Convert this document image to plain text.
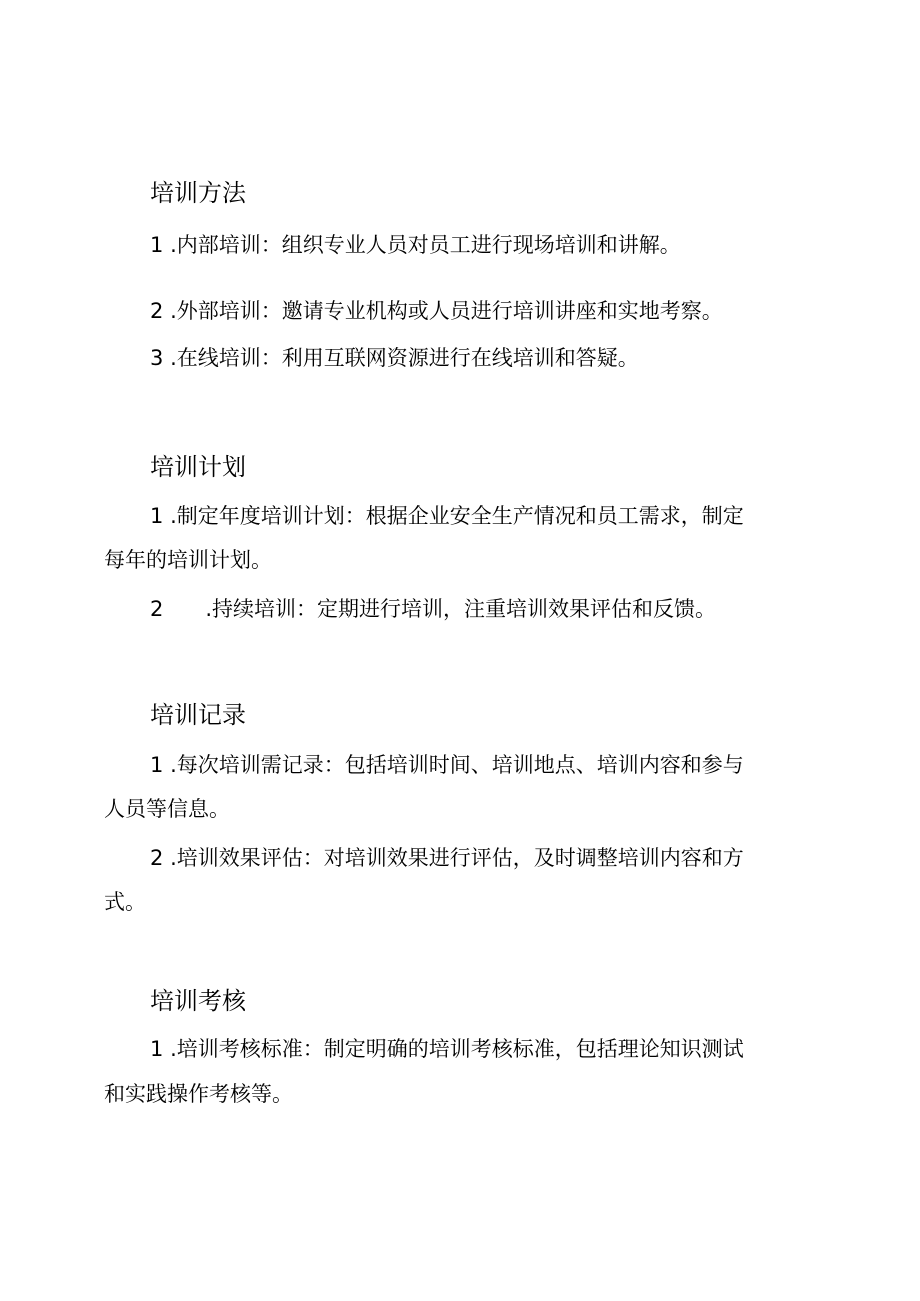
培训方法
1 .内部培训：组织专业人员对员工进行现场培训和讲解。
2 .外部培训：邀请专业机构或人员进行培训讲座和实地考察。
3 .在线培训：利用互联网资源进行在线培训和答疑。
培训计划
1 .制定年度培训计划：根据企业安全生产情况和员工需求，制定
每年的培训计划。
2 .持续培训：定期进行培训，注重培训效果评估和反馈。
培训记录
1 .每次培训需记录：包括培训时间、培训地点、培训内容和参与
人员等信息。
2 .培训效果评估：对培训效果进行评估，及时调整培训内容和方
式。
培训考核
1 .培训考核标准：制定明确的培训考核标准，包括理论知识测试
和实践操作考核等。
